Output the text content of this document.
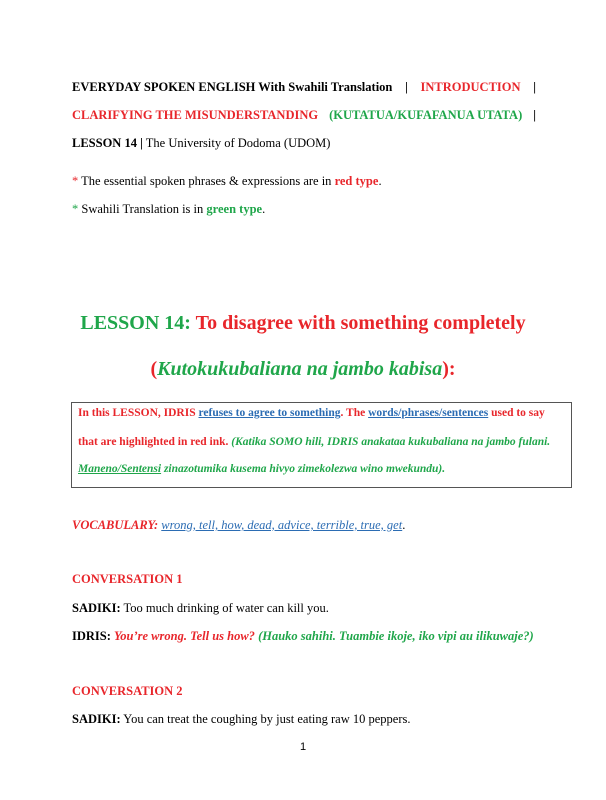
EVERYDAY SPOKEN ENGLISH With Swahili Translation | INTRODUCTION |
CLARIFYING THE MISUNDERSTANDING (KUTATUA/KUFAFANUA UTATA) |
LESSON 14 | The University of Dodoma (UDOM)
* The essential spoken phrases & expressions are in red type.
* Swahili Translation is in green type.
LESSON 14: To disagree with something completely
(Kutokukubaliana na jambo kabisa):
In this LESSON, IDRIS refuses to agree to something. The words/phrases/sentences used to say
that are highlighted in red ink. (Katika SOMO hili, IDRIS anakataa kukubaliana na jambo fulani.
Maneno/Sentensi zinazotumika kusema hivyo zimekolezwa wino mwekundu).
VOCABULARY: wrong, tell, how, dead, advice, terrible, true, get.
CONVERSATION 1
SADIKI: Too much drinking of water can kill you.
IDRIS: You’re wrong. Tell us how? (Hauko sahihi. Tuambie ikoje, iko vipi au ilikuwaje?)
CONVERSATION 2
SADIKI: You can treat the coughing by just eating raw 10 peppers.
1
